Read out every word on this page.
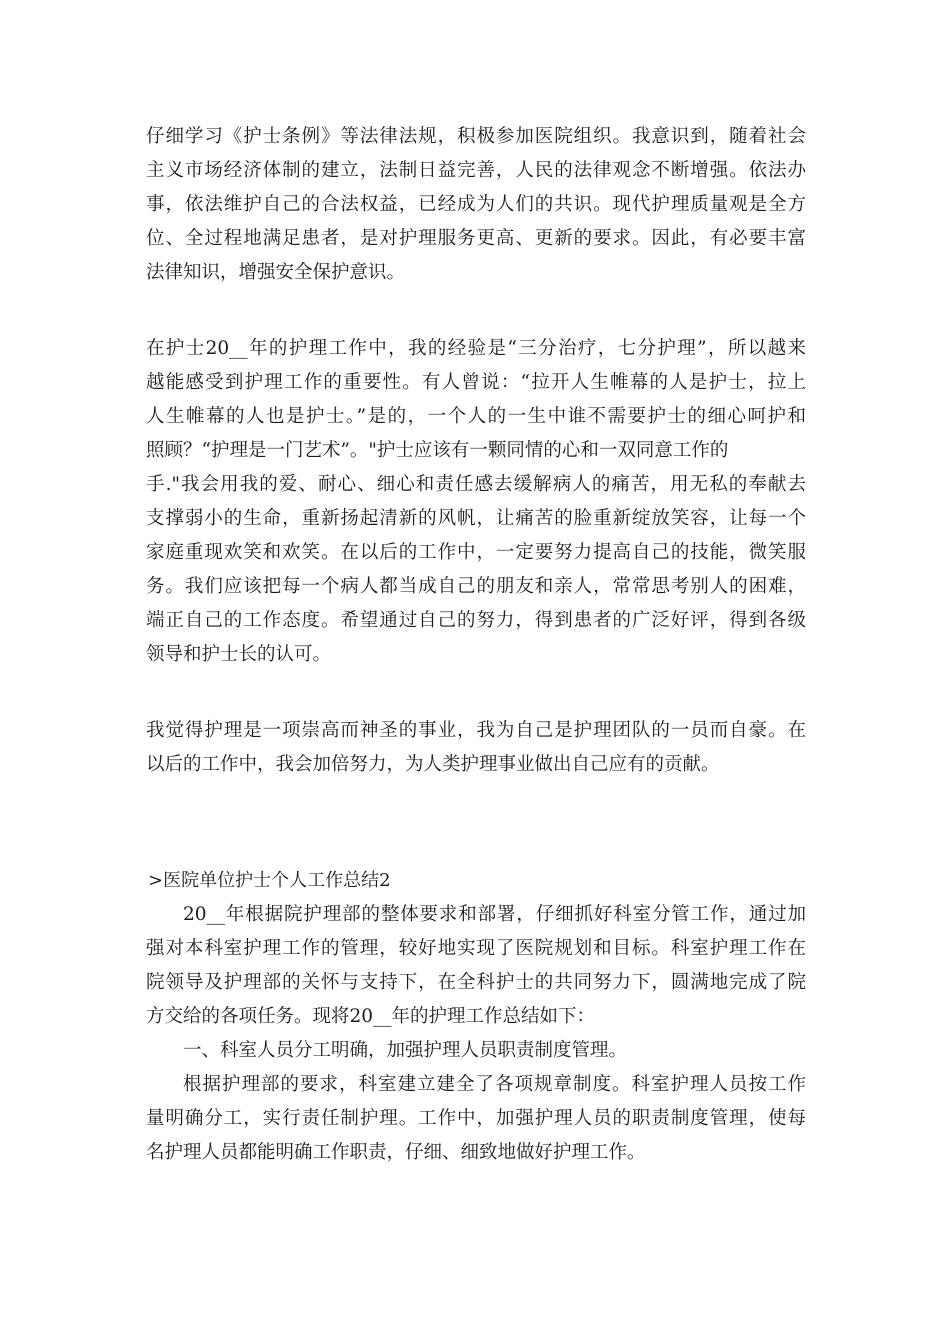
仔细学习《护士条例》等法律法规，积极参加医院组织。我意识到，随着社会
主义市场经济体制的建立，法制日益完善，人民的法律观念不断增强。依法办
事，依法维护自己的合法权益，已经成为人们的共识。现代护理质量观是全方
位、全过程地满足患者，是对护理服务更高、更新的要求。因此，有必要丰富
法律知识，增强安全保护意识。
在护士20__年的护理工作中，我的经验是“三分治疗，七分护理”，所以越来
越能感受到护理工作的重要性。有人曾说：“拉开人生帷幕的人是护士，拉上
人生帷幕的人也是护士。”是的，一个人的一生中谁不需要护士的细心呵护和
照顾？“护理是一门艺术”。"护士应该有一颗同情的心和一双同意工作的
手."我会用我的爱、耐心、细心和责任感去缓解病人的痛苦，用无私的奉献去
支撑弱小的生命，重新扬起清新的风帆，让痛苦的脸重新绽放笑容，让每一个
家庭重现欢笑和欢笑。在以后的工作中，一定要努力提高自己的技能，微笑服
务。我们应该把每一个病人都当成自己的朋友和亲人，常常思考别人的困难，
端正自己的工作态度。希望通过自己的努力，得到患者的广泛好评，得到各级
领导和护士长的认可。
我觉得护理是一项崇高而神圣的事业，我为自己是护理团队的一员而自豪。在
以后的工作中，我会加倍努力，为人类护理事业做出自己应有的贡献。
>医院单位护士个人工作总结2
20__年根据院护理部的整体要求和部署，仔细抓好科室分管工作，通过加
强对本科室护理工作的管理，较好地实现了医院规划和目标。科室护理工作在
院领导及护理部的关怀与支持下，在全科护士的共同努力下，圆满地完成了院
方交给的各项任务。现将20__年的护理工作总结如下：
一、科室人员分工明确，加强护理人员职责制度管理。
根据护理部的要求，科室建立建全了各项规章制度。科室护理人员按工作
量明确分工，实行责任制护理。工作中，加强护理人员的职责制度管理，使每
名护理人员都能明确工作职责，仔细、细致地做好护理工作。
